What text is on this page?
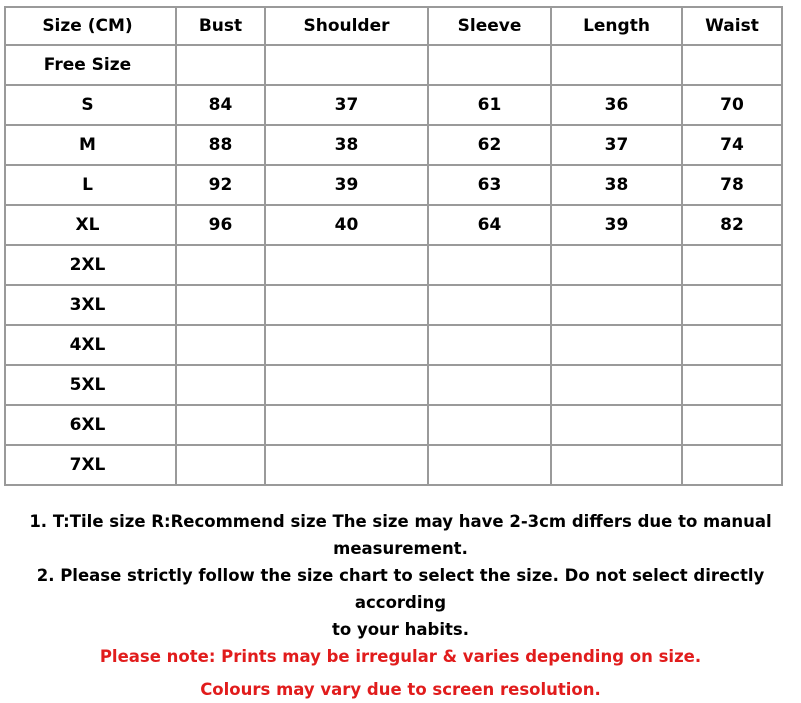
Size (CM)	Bust	Shoulder	Sleeve	Length	Waist
Free Size					
S	84	37	61	36	70
M	88	38	62	37	74
L	92	39	63	38	78
XL	96	40	64	39	82
2XL					
3XL					
4XL					
5XL					
6XL					
7XL					

1. T:Tile size R:Recommend size The size may have 2-3cm differs due to manual

measurement.

2. Please strictly follow the size chart to select the size. Do not select directly according

to your habits.

Please note: Prints may be irregular & varies depending on size.

Colours may vary due to screen resolution.
